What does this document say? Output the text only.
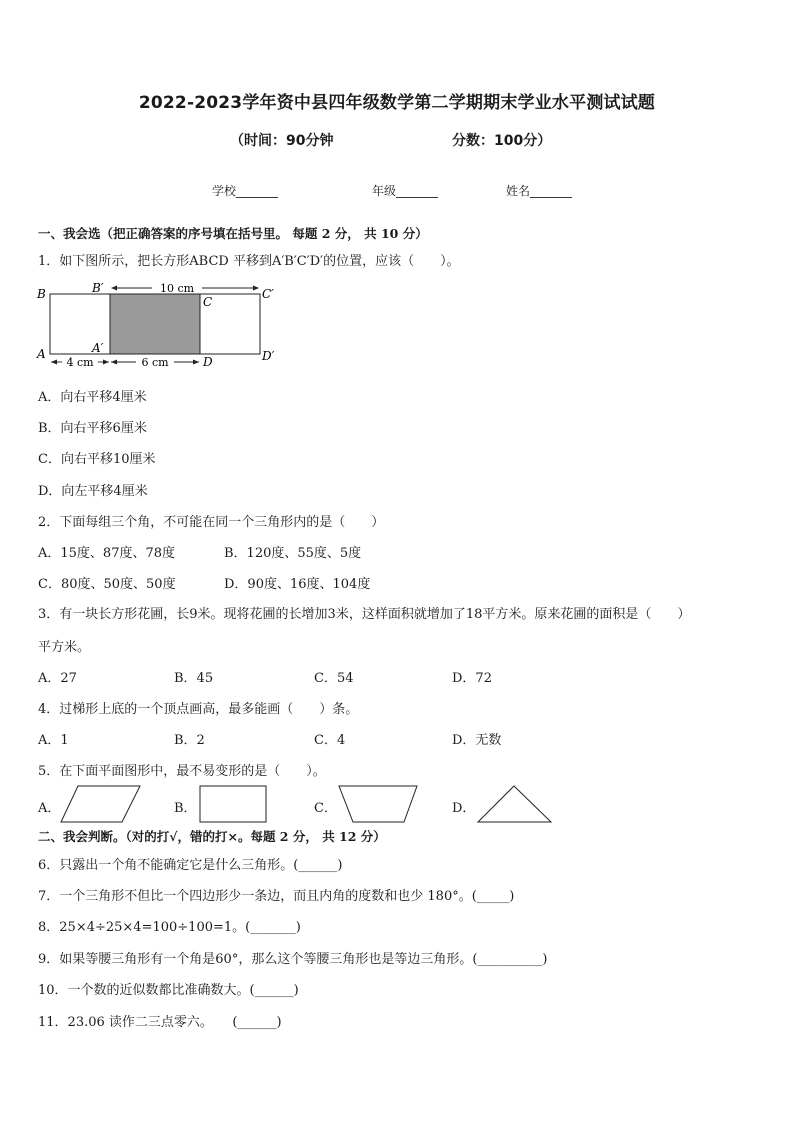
2022-2023学年资中县四年级数学第二学期期末学业水平测试试题
（时间：90分钟	分数：100分）
学校_______	年级_______	姓名_______
一、我会选（把正确答案的序号填在括号里。 每题 2 分， 共 10 分）
1．如下图所示，把长方形ABCD 平移到A′B′C′D′的位置，应该（　　）。
B	B′
C
C′
A	A′
D	D′
10 cm
4 cm	6 cm
A．向右平移4厘米
B．向右平移6厘米
C．向右平移10厘米
D．向左平移4厘米
2．下面每组三个角，不可能在同一个三角形内的是（　　）
A．15度、87度、78度	B．120度、55度、5度
C．80度、50度、50度	D．90度、16度、104度
3．有一块长方形花圃，长9米。现将花圃的长增加3米，这样面积就增加了18平方米。原来花圃的面积是（　　）
平方米。
A．27	B．45	C．54	D．72
4．过梯形上底的一个顶点画高，最多能画（　　）条。
A．1	B．2	C．4	D．无数
5．在下面平面图形中，最不易变形的是（　　）。
A．	B．	C．	D．
二、我会判断。（对的打√，错的打×。每题 2 分， 共 12 分）
6．只露出一个角不能确定它是什么三角形。(______)
7．一个三角形不但比一个四边形少一条边，而且内角的度数和也少 180°。(_____)
8．25×4÷25×4=100÷100=1。(_______)
9．如果等腰三角形有一个角是60°，那么这个等腰三角形也是等边三角形。(__________)
10．一个数的近似数都比准确数大。(______)
11．23.06 读作二三点零六。　　(______)
